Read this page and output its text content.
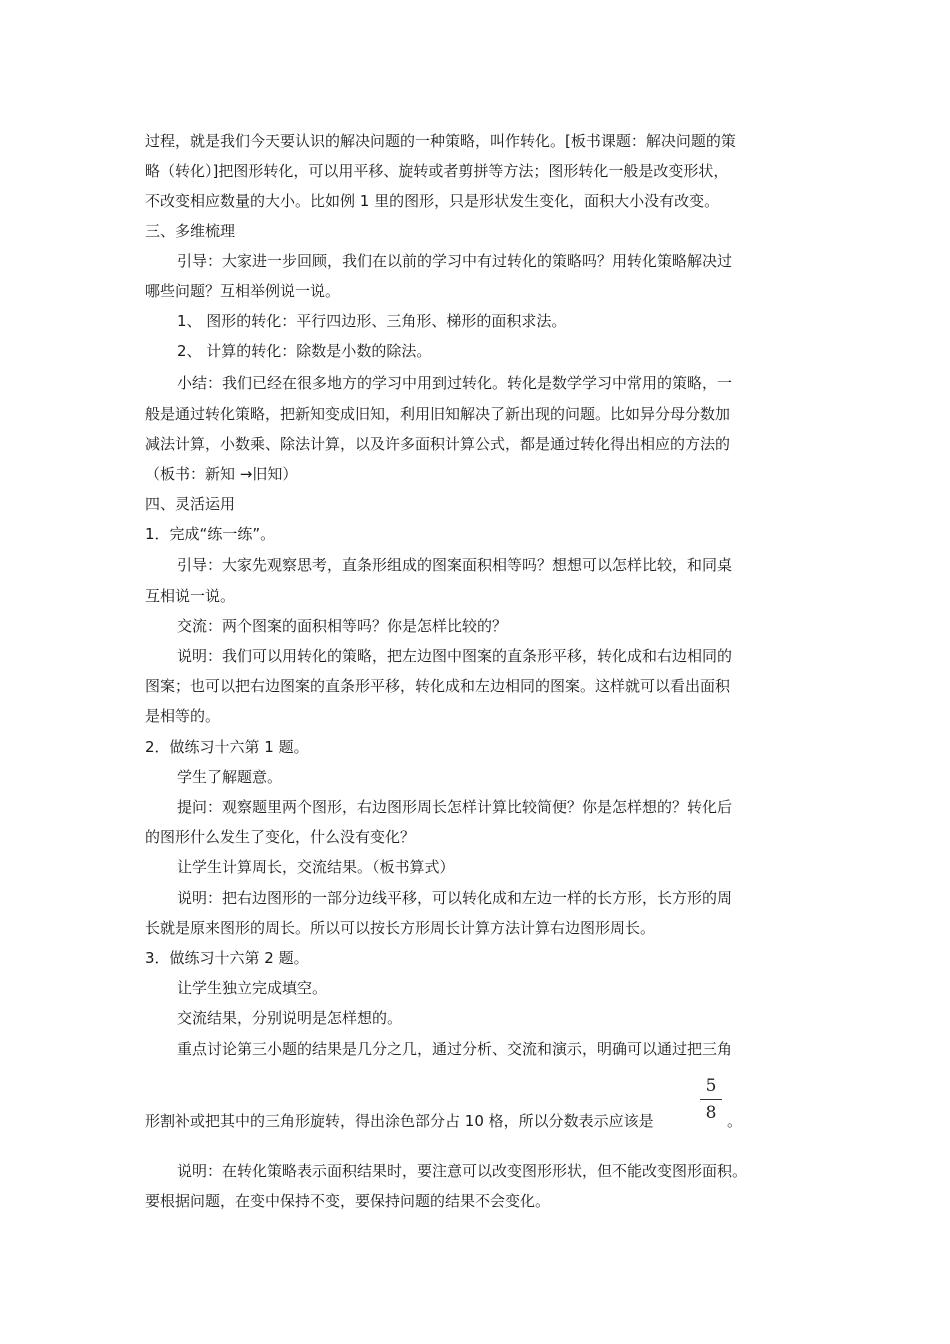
过程，就是我们今天要认识的解决问题的一种策略，叫作转化。[板书课题：解决问题的策
略（转化）]把图形转化，可以用平移、旋转或者剪拼等方法；图形转化一般是改变形状，
不改变相应数量的大小。比如例 1 里的图形，只是形状发生变化，面积大小没有改变。
三、多维梳理
引导：大家进一步回顾，我们在以前的学习中有过转化的策略吗？用转化策略解决过
哪些问题？互相举例说一说。
1、 图形的转化：平行四边形、三角形、梯形的面积求法。
2、 计算的转化：除数是小数的除法。
小结：我们已经在很多地方的学习中用到过转化。转化是数学学习中常用的策略，一
般是通过转化策略，把新知变成旧知，利用旧知解决了新出现的问题。比如异分母分数加
减法计算，小数乘、除法计算，以及许多面积计算公式，都是通过转化得出相应的方法的
（板书：新知 →旧知）
四、灵活运用
1．完成“练一练”。
引导：大家先观察思考，直条形组成的图案面积相等吗？想想可以怎样比较，和同桌
互相说一说。
交流：两个图案的面积相等吗？你是怎样比较的？
说明：我们可以用转化的策略，把左边图中图案的直条形平移，转化成和右边相同的
图案；也可以把右边图案的直条形平移，转化成和左边相同的图案。这样就可以看出面积
是相等的。
2．做练习十六第 1 题。
学生了解题意。
提问：观察题里两个图形，右边图形周长怎样计算比较简便？你是怎样想的？转化后
的图形什么发生了变化，什么没有变化？
让学生计算周长，交流结果。（板书算式）
说明：把右边图形的一部分边线平移，可以转化成和左边一样的长方形，长方形的周
长就是原来图形的周长。所以可以按长方形周长计算方法计算右边图形周长。
3．做练习十六第 2 题。
让学生独立完成填空。
交流结果，分别说明是怎样想的。
重点讨论第三小题的结果是几分之几，通过分析、交流和演示，明确可以通过把三角
形割补或把其中的三角形旋转，得出涂色部分占 10 格，所以分数表示应该是
5
8 。
说明：在转化策略表示面积结果时，要注意可以改变图形形状，但不能改变图形面积。
要根据问题，在变中保持不变，要保持问题的结果不会变化。
